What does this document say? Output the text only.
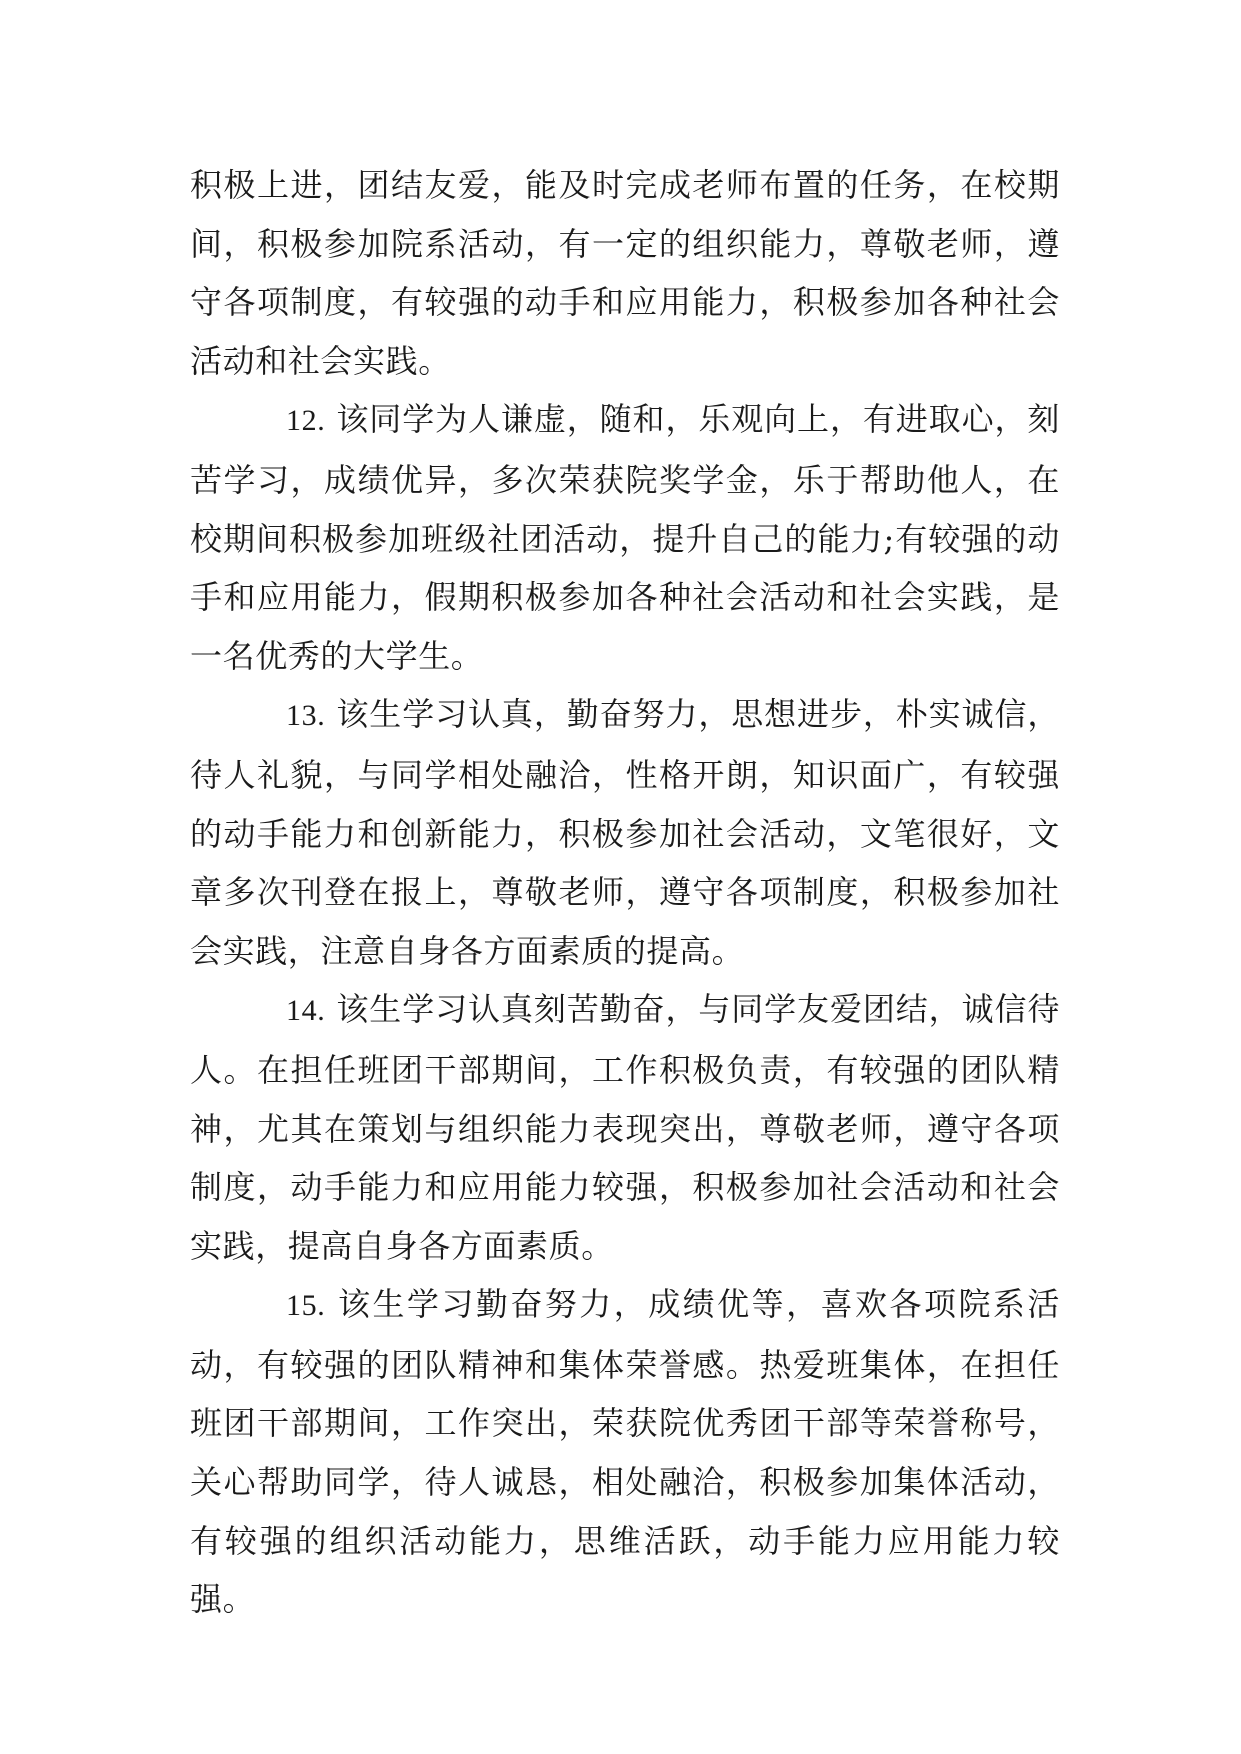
积极上进，团结友爱，能及时完成老师布置的任务，在校期间，积极参加院系活动，有一定的组织能力，尊敬老师，遵守各项制度，有较强的动手和应用能力，积极参加各种社会活动和社会实践。

12. 该同学为人谦虚，随和，乐观向上，有进取心，刻苦学习，成绩优异，多次荣获院奖学金，乐于帮助他人，在校期间积极参加班级社团活动，提升自己的能力;有较强的动手和应用能力，假期积极参加各种社会活动和社会实践，是一名优秀的大学生。

13. 该生学习认真，勤奋努力，思想进步，朴实诚信，待人礼貌，与同学相处融洽，性格开朗，知识面广，有较强的动手能力和创新能力，积极参加社会活动，文笔很好，文章多次刊登在报上，尊敬老师，遵守各项制度，积极参加社会实践，注意自身各方面素质的提高。

14. 该生学习认真刻苦勤奋，与同学友爱团结，诚信待人。在担任班团干部期间，工作积极负责，有较强的团队精神，尤其在策划与组织能力表现突出，尊敬老师，遵守各项制度，动手能力和应用能力较强，积极参加社会活动和社会实践，提高自身各方面素质。

15. 该生学习勤奋努力，成绩优等，喜欢各项院系活动，有较强的团队精神和集体荣誉感。热爱班集体，在担任班团干部期间，工作突出，荣获院优秀团干部等荣誉称号，关心帮助同学，待人诚恳，相处融洽，积极参加集体活动，有较强的组织活动能力，思维活跃，动手能力应用能力较强。
